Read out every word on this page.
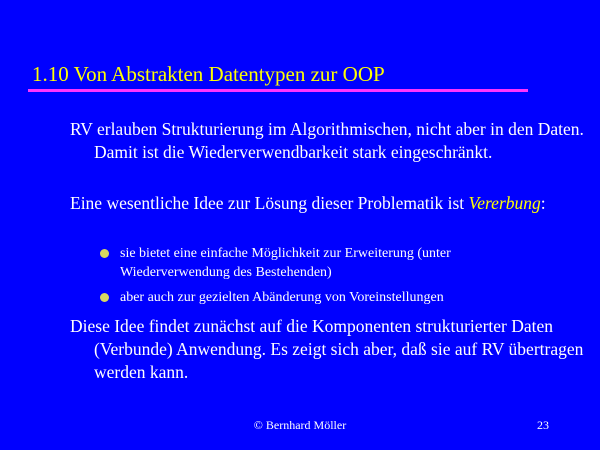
1.10 Von Abstrakten Datentypen zur OOP
RV erlauben Strukturierung im Algorithmischen, nicht aber in den Daten. Damit ist die Wiederverwendbarkeit stark eingeschränkt.
Eine wesentliche Idee zur Lösung dieser Problematik ist Vererbung:
sie bietet eine einfache Möglichkeit zur Erweiterung (unter Wiederverwendung des Bestehenden)
aber auch zur gezielten Abänderung von Voreinstellungen
Diese Idee findet zunächst auf die Komponenten strukturierter Daten (Verbunde) Anwendung. Es zeigt sich aber, daß sie auf RV übertragen werden kann.
© Bernhard Möller	23
